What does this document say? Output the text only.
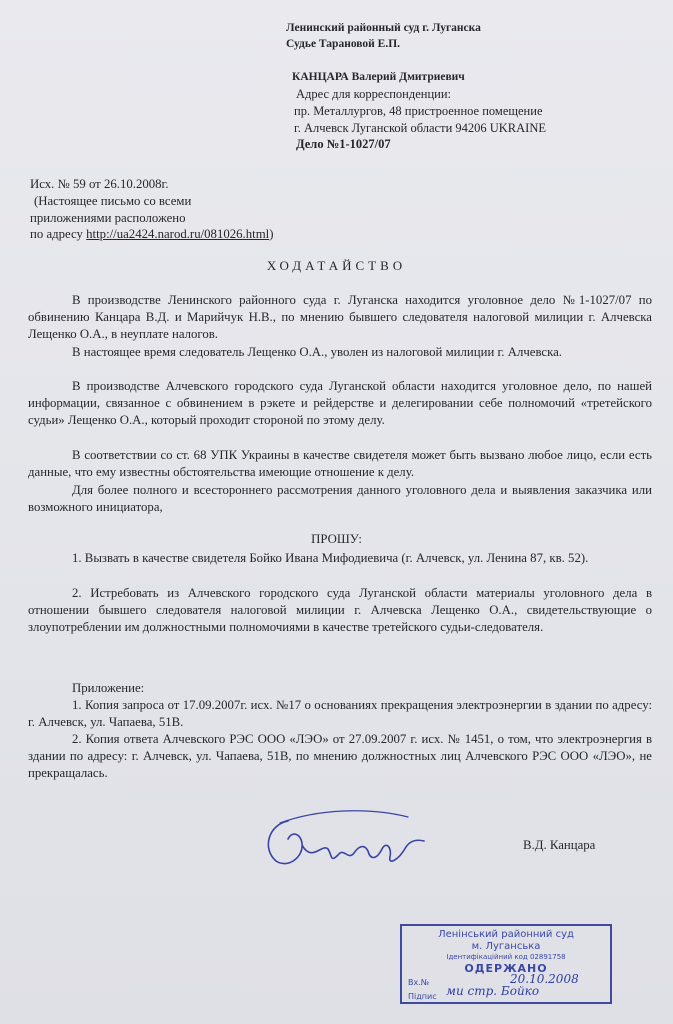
Ленинский районный суд г. Луганска
Судье Тарановой Е.П.
КАНЦАРА Валерий Дмитриевич
Адрес для корреспонденции:
пр. Металлургов, 48 пристроенное помещение
г. Алчевск Луганской области 94206 UKRAINE
Дело №1-1027/07
Исх. № 59 от 26.10.2008г.
(Настоящее письмо со всеми
приложениями расположено
по адресу http://ua2424.narod.ru/081026.html)
ХОДАТАЙСТВО
В производстве Ленинского районного суда г. Луганска находится уголовное дело №1-1027/07 по обвинению Канцара В.Д. и Марийчук Н.В., по мнению бывшего следователя налоговой милиции г. Алчевска Лещенко О.А., в неуплате налогов.
В настоящее время следователь Лещенко О.А., уволен из налоговой милиции г. Алчевска.
В производстве Алчевского городского суда Луганской области находится уголовное дело, по нашей информации, связанное с обвинением в рэкете и рейдерстве и делегировании себе полномочий «третейского судьи» Лещенко О.А., который проходит стороной по этому делу.
В соответствии со ст. 68 УПК Украины в качестве свидетеля может быть вызвано любое лицо, если есть данные, что ему известны обстоятельства имеющие отношение к делу.
Для более полного и всестороннего рассмотрения данного уголовного дела и выявления заказчика или возможного инициатора,
ПРОШУ:
1. Вызвать в качестве свидетеля Бойко Ивана Мифодиевича (г. Алчевск, ул. Ленина 87, кв. 52).
2. Истребовать из Алчевского городского суда Луганской области материалы уголовного дела в отношении бывшего следователя налоговой милиции г. Алчевска Лещенко О.А., свидетельствующие о злоупотреблении им должностными полномочиями в качестве третейского судьи-следователя.
Приложение:
1. Копия запроса от 17.09.2007г. исх. №17 о основаниях прекращения электроэнергии в здании по адресу: г. Алчевск, ул. Чапаева, 51В.
2. Копия ответа Алчевского РЭС ООО «ЛЭО» от 27.09.2007 г. исх. № 1451, о том, что электроэнергия в здании по адресу: г. Алчевск, ул. Чапаева, 51В, по мнению должностных лиц Алчевского РЭС ООО «ЛЭО», не прекращалась.
В.Д. Канцара
Ленінський районний суд
м. Луганська
Ідентифікаційний код 02891758
ОДЕРЖАНО
Вх.№	20.10.2008
Підпис ми стр. Бойко
